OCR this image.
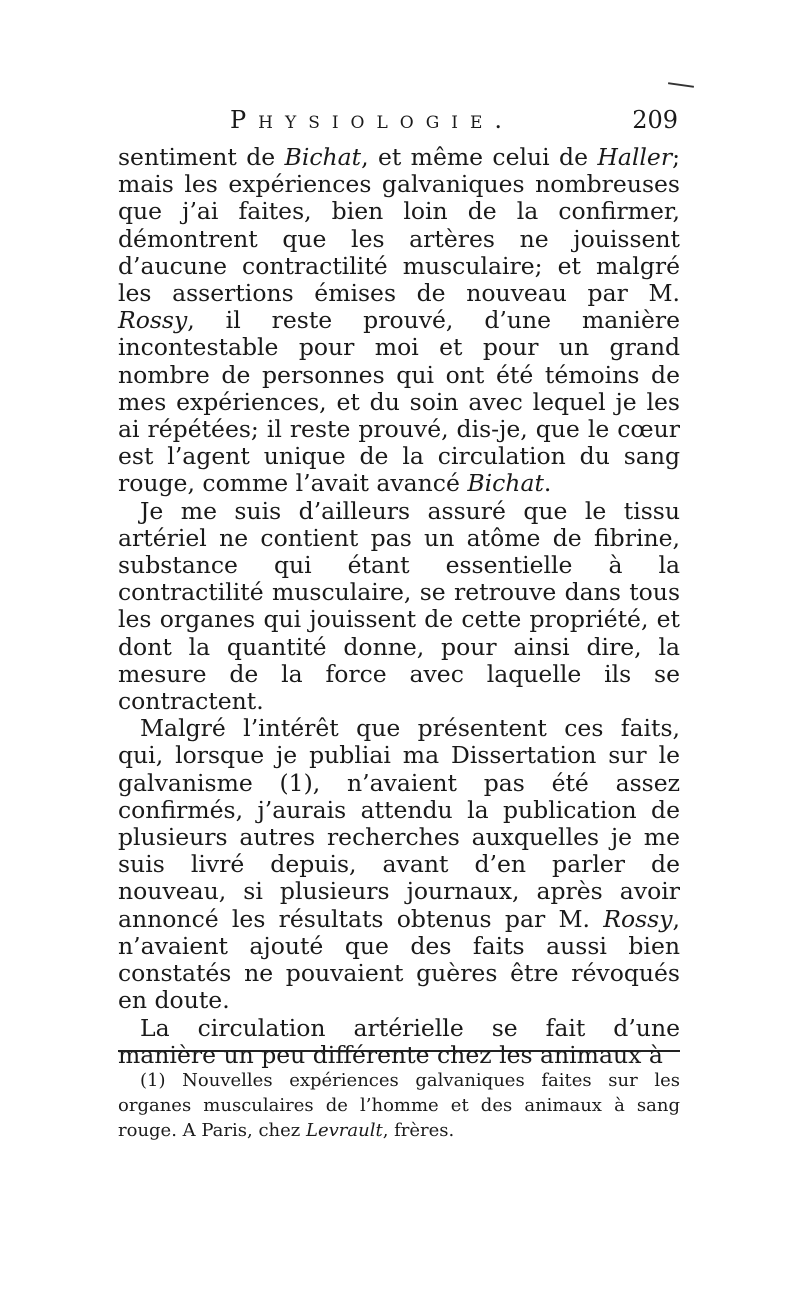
Physiologie.	209

sentiment de Bichat, et même celui de Haller; mais les expériences galvaniques nombreuses que j’ai faites, bien loin de la confirmer, démontrent que les artères ne jouissent d’aucune contractilité musculaire; et malgré les assertions émises de nouveau par M. Rossy, il reste prouvé, d’une manière incontestable pour moi et pour un grand nombre de personnes qui ont été témoins de mes expériences, et du soin avec lequel je les ai répétées; il reste prouvé, dis-je, que le cœur est l’agent unique de la circulation du sang rouge, comme l’avait avancé Bichat.

Je me suis d’ailleurs assuré que le tissu artériel ne contient pas un atôme de fibrine, substance qui étant essentielle à la contractilité musculaire, se retrouve dans tous les organes qui jouissent de cette propriété, et dont la quantité donne, pour ainsi dire, la mesure de la force avec laquelle ils se contractent.

Malgré l’intérêt que présentent ces faits, qui, lorsque je publiai ma Dissertation sur le galvanisme (1), n’avaient pas été assez confirmés, j’aurais attendu la publication de plusieurs autres recherches auxquelles je me suis livré depuis, avant d’en parler de nouveau, si plusieurs journaux, après avoir annoncé les résultats obtenus par M. Rossy, n’avaient ajouté que des faits aussi bien constatés ne pouvaient guères être révoqués en doute.

La circulation artérielle se fait d’une manière un peu différente chez les animaux à

(1) Nouvelles expériences galvaniques faites sur les organes musculaires de l’homme et des animaux à sang rouge. A Paris, chez Levrault, frères.
